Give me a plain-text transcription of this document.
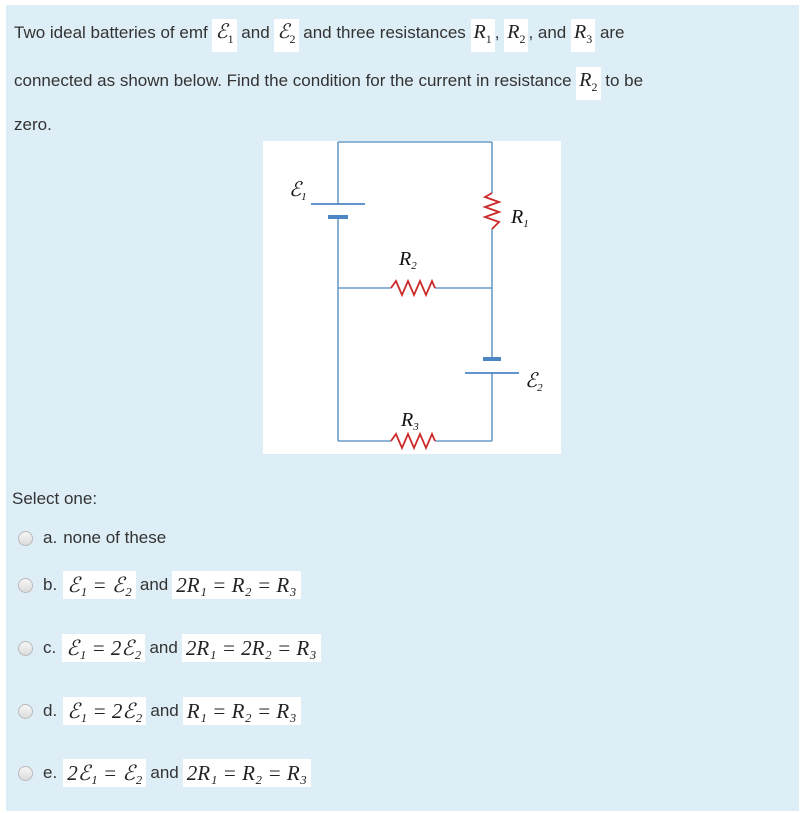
Two ideal batteries of emf ℰ$_1$ and ℰ$_2$ and three resistances $R_1$ , $R_2$ , and $R_3$ are
connected as shown below. Find the condition for the current in resistance $R_2$ to be
zero.
ℰ$_1$
$R_1$
$R_2$
ℰ$_2$
$R_3$
Select one:
a. none of these
b. ℰ₁ = ℰ₂ and 2R₁ = R₂ = R₃
c. ℰ₁ = 2ℰ₂ and 2R₁ = 2R₂ = R₃
d. ℰ₁ = 2ℰ₂ and R₁ = R₂ = R₃
e. 2ℰ₁ = ℰ₂ and 2R₁ = R₂ = R₃
